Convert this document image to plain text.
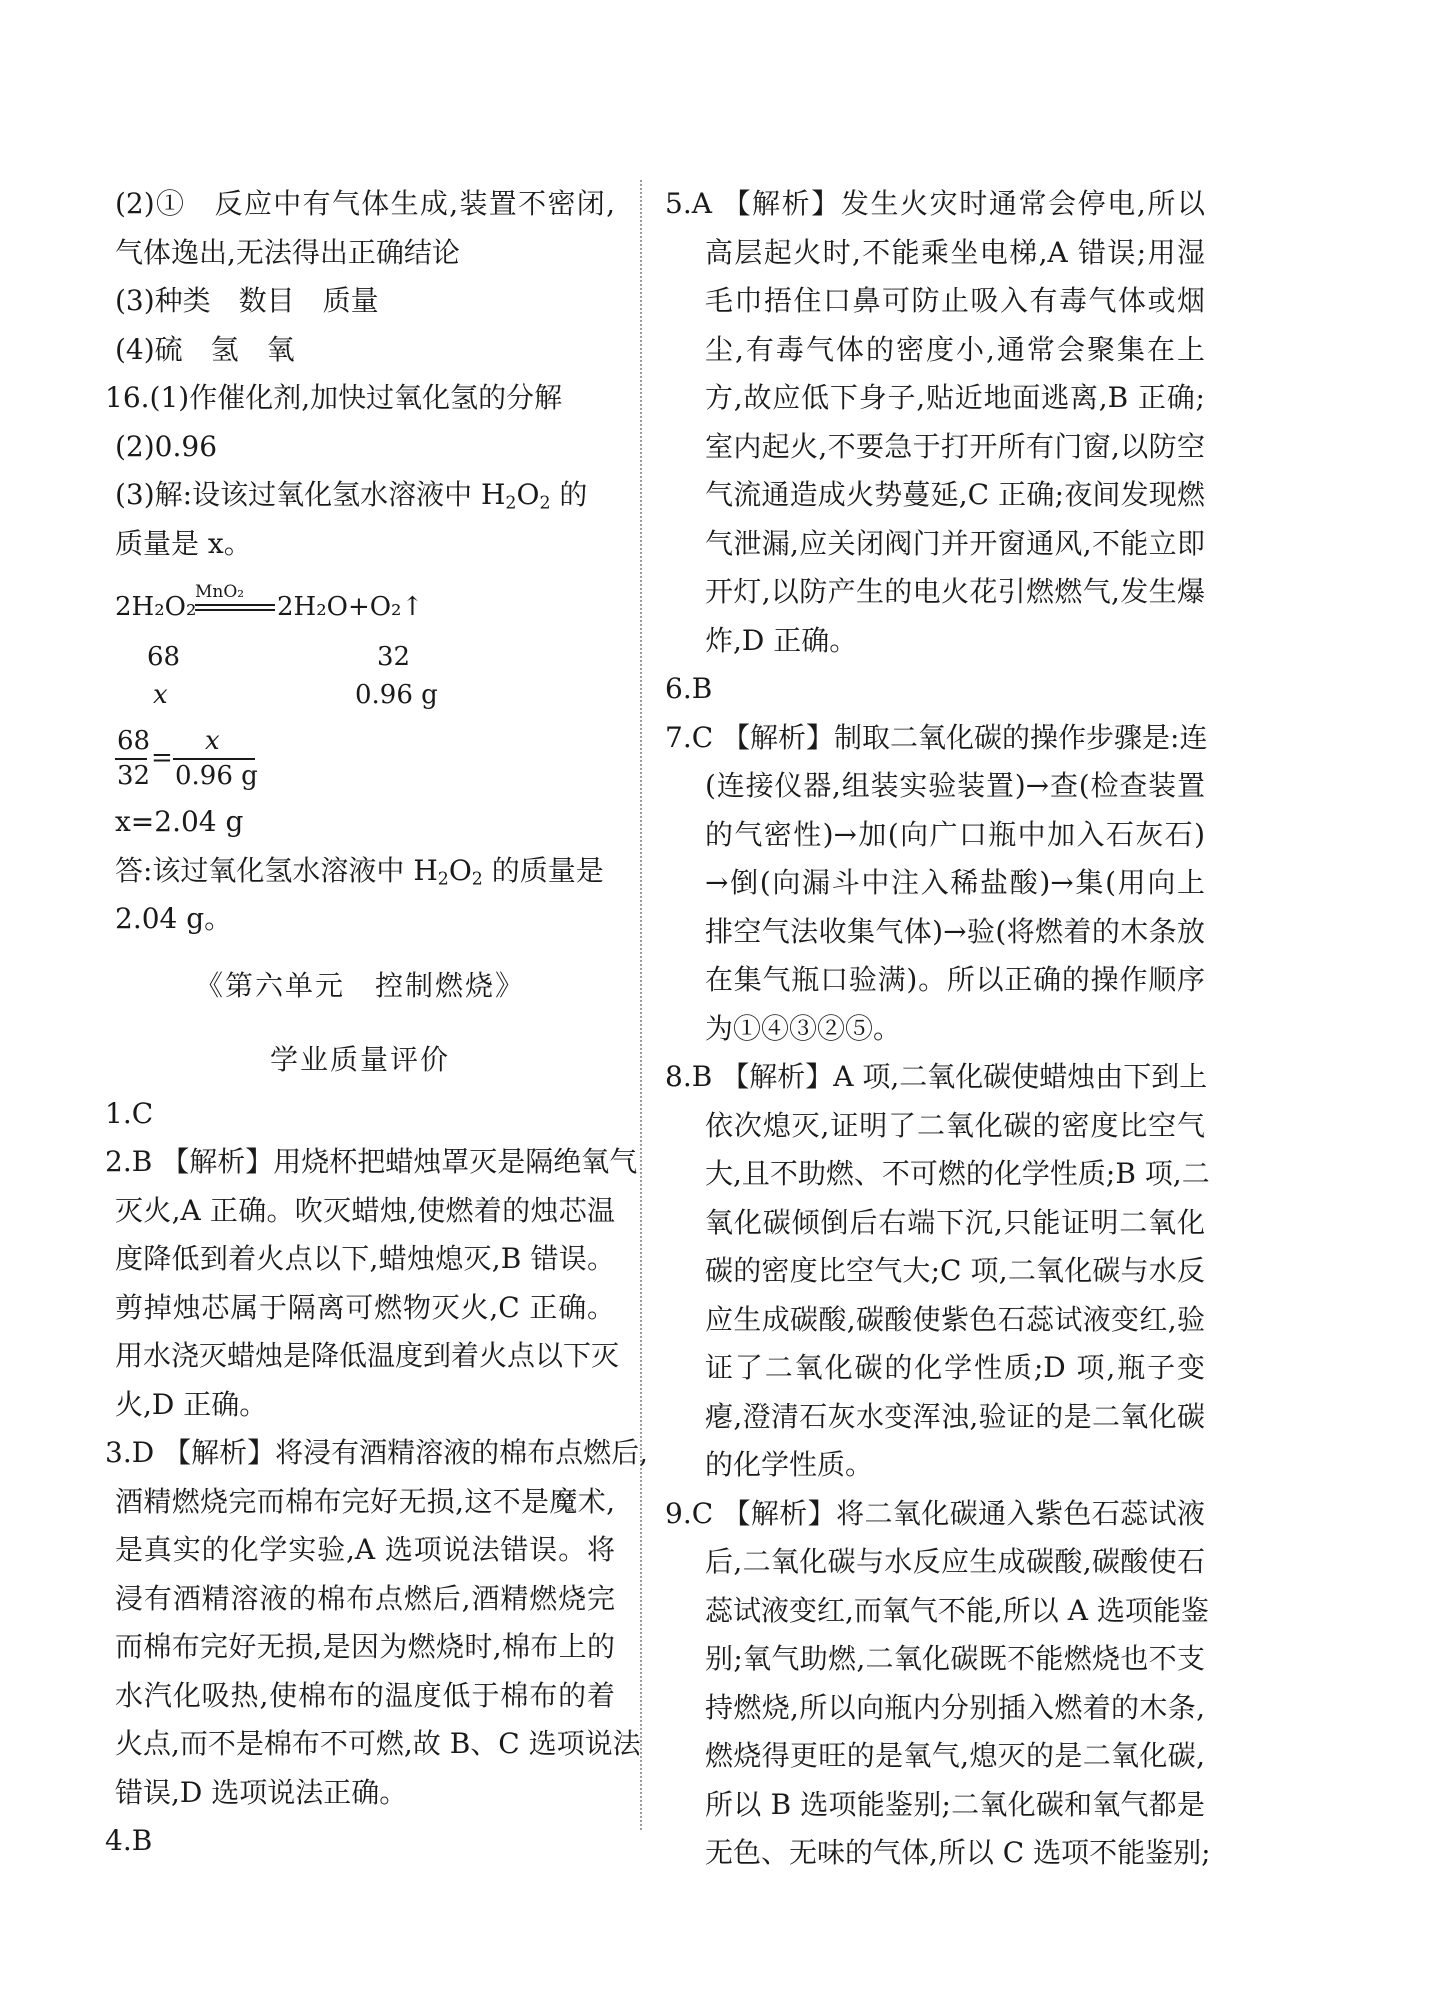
(2)①　反应中有气体生成,装置不密闭,
气体逸出,无法得出正确结论
(3)种类　数目　质量
(4)硫　氢　氧
16.(1)作催化剂,加快过氧化氢的分解
(2)0.96
(3)解:设该过氧化氢水溶液中 $H_2O_2$ 的
质量是 x。
2H₂O₂
MnO₂ 2H₂O+O₂↑
68	32
x	0.96 g
68
32
=
x
0.96 g
x=2.04 g
答:该过氧化氢水溶液中 $H_2O_2$ 的质量是
2.04 g。
《第六单元　控制燃烧》
学业质量评价
1.C
2.B 【解析】用烧杯把蜡烛罩灭是隔绝氧气
灭火,A 正确。吹灭蜡烛,使燃着的烛芯温
度降低到着火点以下,蜡烛熄灭,B 错误。
剪掉烛芯属于隔离可燃物灭火,C 正确。
用水浇灭蜡烛是降低温度到着火点以下灭
火,D 正确。
3.D 【解析】将浸有酒精溶液的棉布点燃后,
酒精燃烧完而棉布完好无损,这不是魔术,
是真实的化学实验,A 选项说法错误。将
浸有酒精溶液的棉布点燃后,酒精燃烧完
而棉布完好无损,是因为燃烧时,棉布上的
水汽化吸热,使棉布的温度低于棉布的着
火点,而不是棉布不可燃,故 B、C 选项说法
错误,D 选项说法正确。
4.B
5.A 【解析】发生火灾时通常会停电,所以
高层起火时,不能乘坐电梯,A 错误;用湿
毛巾捂住口鼻可防止吸入有毒气体或烟
尘,有毒气体的密度小,通常会聚集在上
方,故应低下身子,贴近地面逃离,B 正确;
室内起火,不要急于打开所有门窗,以防空
气流通造成火势蔓延,C 正确;夜间发现燃
气泄漏,应关闭阀门并开窗通风,不能立即
开灯,以防产生的电火花引燃燃气,发生爆
炸,D 正确。
6.B
7.C 【解析】制取二氧化碳的操作步骤是:连
(连接仪器,组装实验装置)→查(检查装置
的气密性)→加(向广口瓶中加入石灰石)
→倒(向漏斗中注入稀盐酸)→集(用向上
排空气法收集气体)→验(将燃着的木条放
在集气瓶口验满)。所以正确的操作顺序
为①④③②⑤。
8.B 【解析】A 项,二氧化碳使蜡烛由下到上
依次熄灭,证明了二氧化碳的密度比空气
大,且不助燃、不可燃的化学性质;B 项,二
氧化碳倾倒后右端下沉,只能证明二氧化
碳的密度比空气大;C 项,二氧化碳与水反
应生成碳酸,碳酸使紫色石蕊试液变红,验
证了二氧化碳的化学性质;D 项,瓶子变
瘪,澄清石灰水变浑浊,验证的是二氧化碳
的化学性质。
9.C 【解析】将二氧化碳通入紫色石蕊试液
后,二氧化碳与水反应生成碳酸,碳酸使石
蕊试液变红,而氧气不能,所以 A 选项能鉴
别;氧气助燃,二氧化碳既不能燃烧也不支
持燃烧,所以向瓶内分别插入燃着的木条,
燃烧得更旺的是氧气,熄灭的是二氧化碳,
所以 B 选项能鉴别;二氧化碳和氧气都是
无色、无味的气体,所以 C 选项不能鉴别;
